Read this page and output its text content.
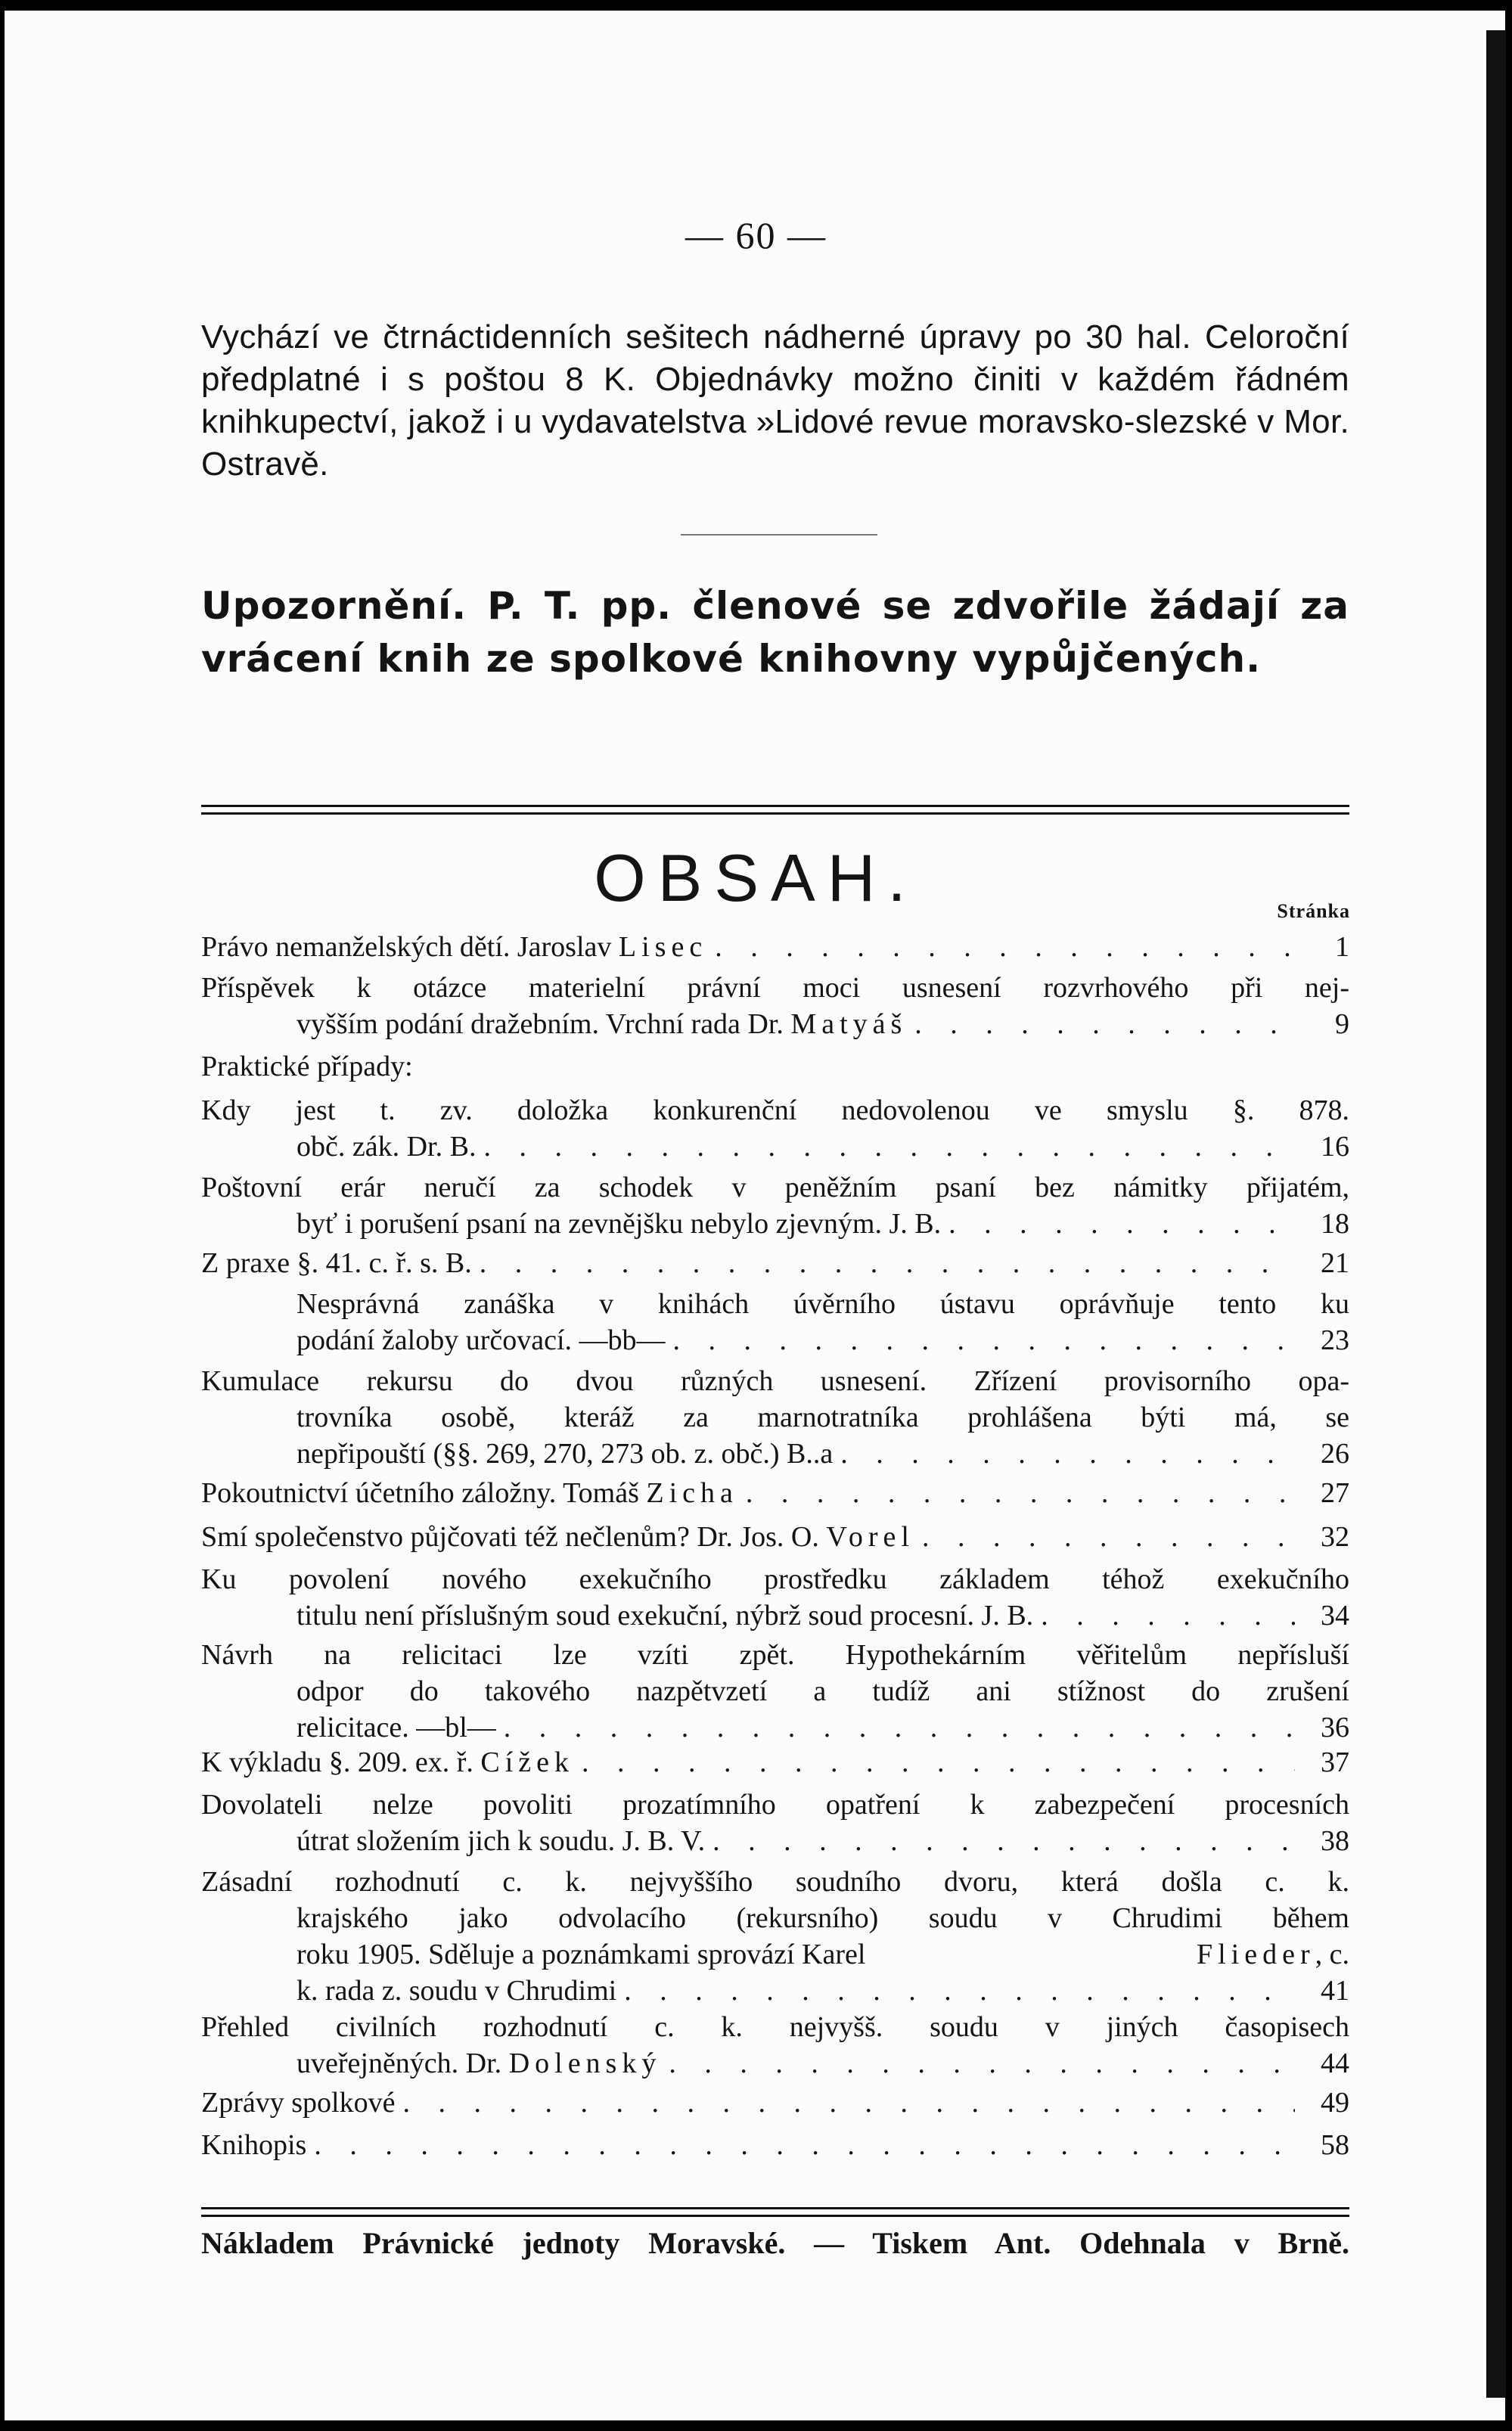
— 60 —
Vychází ve čtrnáctidenních sešitech nádherné úpravy po 30 hal. Celoroční předplatné i s poštou 8 K. Objednávky možno činiti v každém řádném knihkupectví, jakož i u vydavatelstva »Lidové revue moravsko-slezské v Mor. Ostravě.
Upozornění. P. T. pp. členové se zdvořile žádají za vrácení knih ze spolkové knihovny vypůjčených.
OBSAH.	Stránka
Právo nemanželských dětí. Jaroslav Lisec . . .	1
Příspěvek k otázce materielní právní moci usnesení rozvrhového při nej-
vyšším podání dražebním. Vrchní rada Dr. Matyáš . . .	9
Praktické případy:
Kdy jest t. zv. doložka konkurenční nedovolenou ve smyslu §. 878.
obč. zák. Dr. B. . . .	16
Poštovní erár neručí za schodek v peněžním psaní bez námitky přijatém,
byť i porušení psaní na zevnějšku nebylo zjevným. J. B. . . .	18
Z praxe §. 41. c. ř. s. B. . . .	21
Nesprávná zanáška v knihách úvěrního ústavu oprávňuje tento ku
podání žaloby určovací. —bb— . . .	23
Kumulace rekursu do dvou různých usnesení. Zřízení provisorního opa-
trovníka osobě, kteráž za marnotratníka prohlášena býti má, se
nepřipouští (§§. 269, 270, 273 ob. z. obč.) B..a . . .	26
Pokoutnictví účetního záložny. Tomáš Zicha . . .	27
Smí společenstvo půjčovati též nečlenům? Dr. Jos. O. Vorel . . .	32
Ku povolení nového exekučního prostředku základem téhož exekučního
titulu není příslušným soud exekuční, nýbrž soud procesní. J. B. . . .	34
Návrh na relicitaci lze vzíti zpět. Hypothekárním věřitelům nepřísluší
odpor do takového nazpětvzetí a tudíž ani stížnost do zrušení
relicitace. —bl— . . .	36
K výkladu §. 209. ex. ř. Cížek . . .	37
Dovolateli nelze povoliti prozatímního opatření k zabezpečení procesních
útrat složením jich k soudu. J. B. V. . . .	38
Zásadní rozhodnutí c. k. nejvyššího soudního dvoru, která došla c. k.
krajského jako odvolacího (rekursního) soudu v Chrudimi během
roku 1905. Sděluje a poznámkami sprovází Karel	Flieder, c.
k. rada z. soudu v Chrudimi . . .	41
Přehled civilních rozhodnutí c. k. nejvyšš. soudu v jiných časopisech
uveřejněných. Dr. Dolenský . . .	44
Zprávy spolkové . . .	49
Knihopis . . .	58
Nákladem Právnické jednoty Moravské. — Tiskem Ant. Odehnala v Brně.
